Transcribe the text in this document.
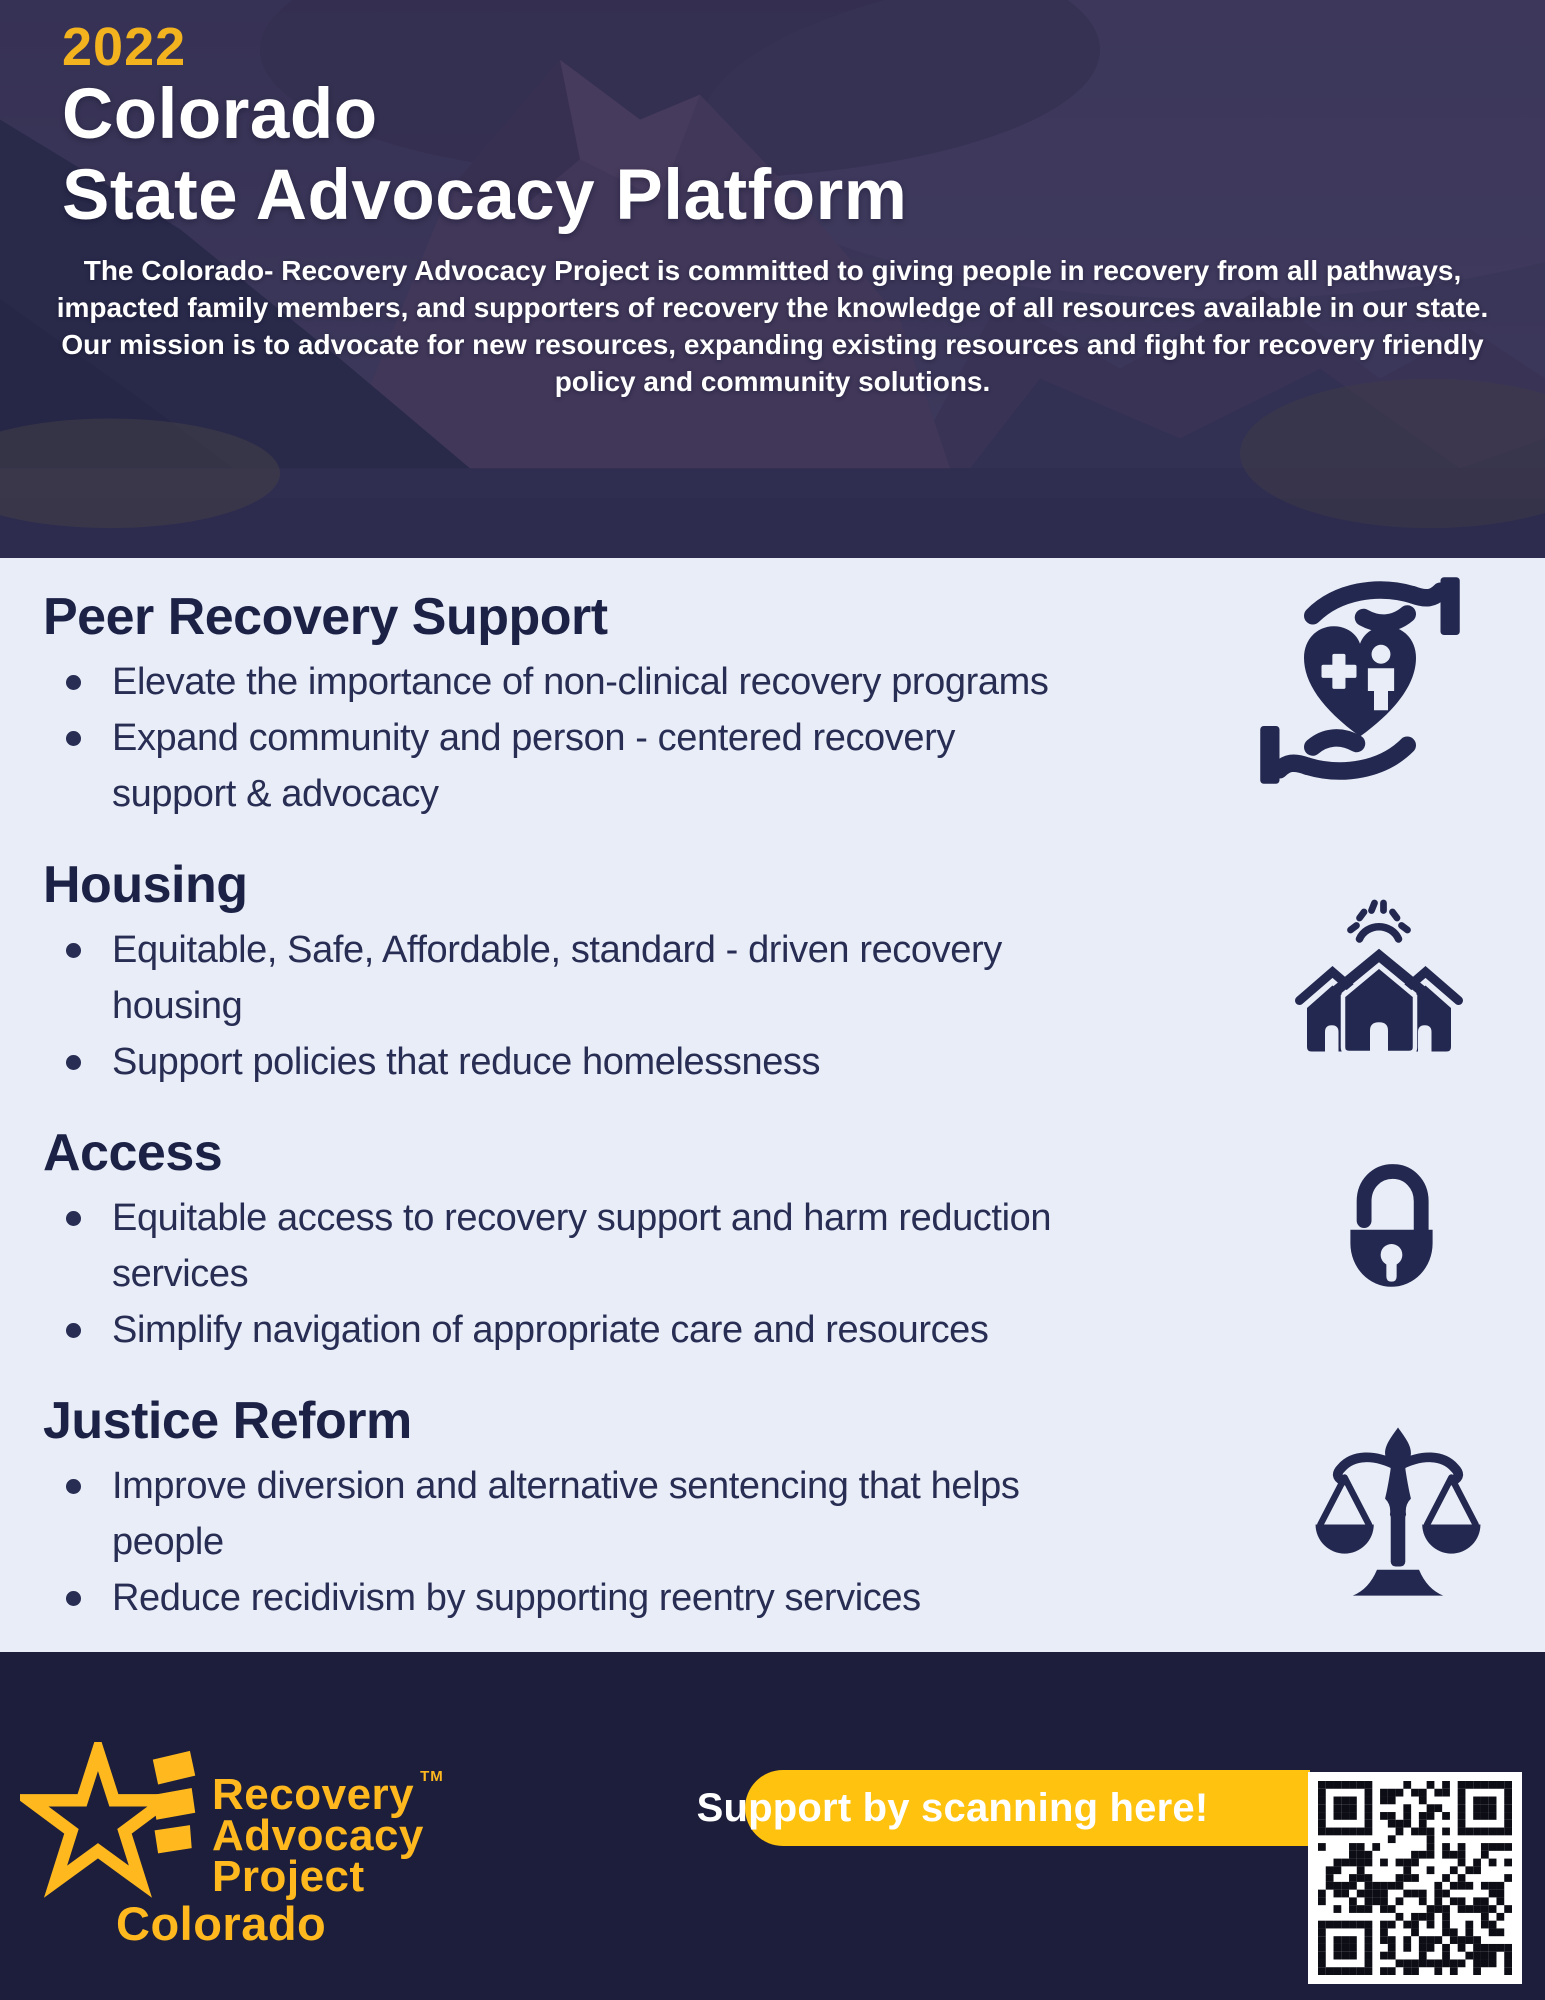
2022
Colorado
State Advocacy Platform
The Colorado- Recovery Advocacy Project is committed to giving people in recovery from all pathways, impacted family members, and supporters of recovery the knowledge of all resources available in our state. Our mission is to advocate for new resources, expanding existing resources and fight for recovery friendly policy and community solutions.
Peer Recovery Support
Elevate the importance of non-clinical recovery programs
Expand community and person - centered recovery support & advocacy
Housing
Equitable, Safe, Affordable, standard - driven recovery housing
Support policies that reduce homelessness
Access
Equitable access to recovery support and harm reduction services
Simplify navigation of appropriate care and resources
Justice Reform
Improve diversion and alternative sentencing that helps people
Reduce recidivism by supporting reentry services
Recovery ™
Advocacy
Project
Colorado
Support by scanning here!
